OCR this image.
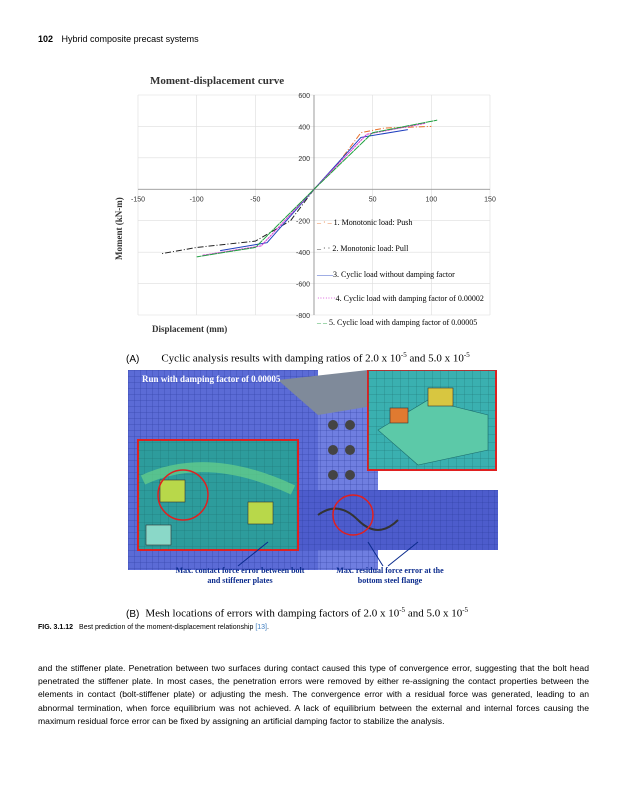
102 Hybrid composite precast systems
Moment-displacement curve
-150	-100	-50	50	100	150
600
400
200
-200
-400
-600
-800
Displacement (mm)
Moment (kN-m)	– · – 1. Monotonic load: Push
– · · 2. Monotonic load: Pull
——3. Cyclic load without damping factor
·······4. Cyclic load with damping factor of 0.00002
– – 5. Cyclic load with damping factor of 0.00005
(A) Cyclic analysis results with damping ratios of 2.0 x $10^{-5}$ and 5.0 x $10^{-5}$
Run with damping factor of 0.00005
Max. contact force error between bolt and stiffener plates
Max. residual force error at the bottom steel flange
(B) Mesh locations of errors with damping factors of 2.0 x $10^{-5}$ and 5.0 x $10^{-5}$
FIG. 3.1.12 Best prediction of the moment-displacement relationship [13].

and the stiffener plate. Penetration between two surfaces during contact caused this type of convergence error, suggesting that the bolt head penetrated the stiffener plate. In most cases, the penetration errors were removed by either re-assigning the contact properties between the elements in contact (bolt-stiffener plate) or adjusting the mesh. The convergence error with a residual force was generated, leading to an abnormal termination, when force equilibrium was not achieved. A lack of equilibrium between the external and internal forces causing the maximum residual force error can be fixed by assigning an artificial damping factor to stabilize the analysis.
